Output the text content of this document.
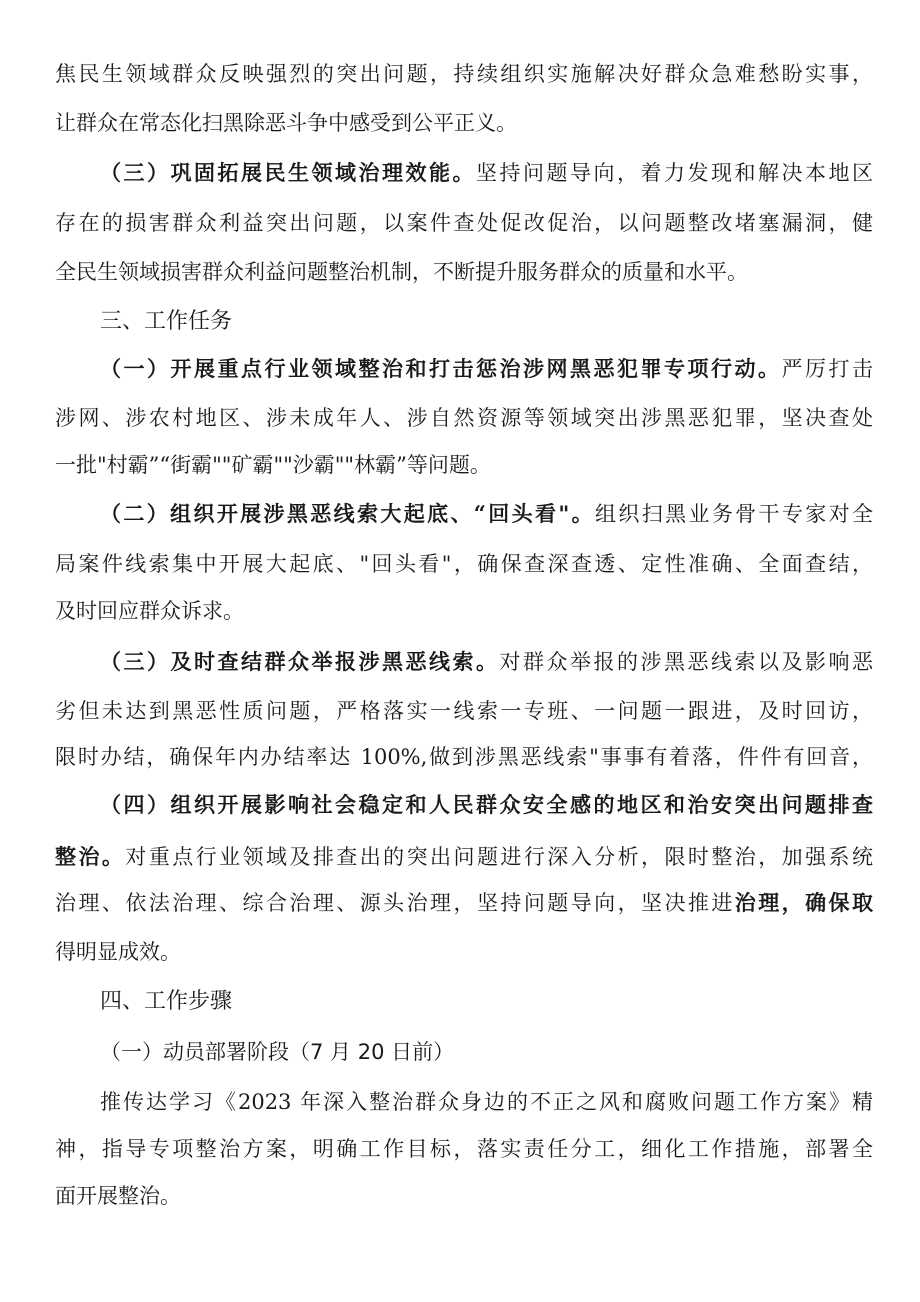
焦民生领域群众反映强烈的突出问题，持续组织实施解决好群众急难愁盼实事，
让群众在常态化扫黑除恶斗争中感受到公平正义。
（三）巩固拓展民生领域治理效能。坚持问题导向，着力发现和解决本地区
存在的损害群众利益突出问题，以案件查处促改促治，以问题整改堵塞漏洞，健
全民生领域损害群众利益问题整治机制，不断提升服务群众的质量和水平。
三、工作任务
（一）开展重点行业领域整治和打击惩治涉网黑恶犯罪专项行动。严厉打击
涉网、涉农村地区、涉未成年人、涉自然资源等领域突出涉黑恶犯罪，坚决查处
一批"村霸”“街霸""矿霸""沙霸""林霸”等问题。
（二）组织开展涉黑恶线索大起底、“回头看"。组织扫黑业务骨干专家对全
局案件线索集中开展大起底、"回头看"，确保查深查透、定性准确、全面查结，
及时回应群众诉求。
（三）及时查结群众举报涉黑恶线索。对群众举报的涉黑恶线索以及影响恶
劣但未达到黑恶性质问题，严格落实一线索一专班、一问题一跟进，及时回访，
限时办结，确保年内办结率达 100%,做到涉黑恶线索"事事有着落，件件有回音，
（四）组织开展影响社会稳定和人民群众安全感的地区和治安突出问题排查
整治。对重点行业领域及排查出的突出问题进行深入分析，限时整治，加强系统
治理、依法治理、综合治理、源头治理，坚持问题导向，坚决推进治理，确保取
得明显成效。
四、工作步骤
（一）动员部署阶段（7 月 20 日前）
推传达学习《2023 年深入整治群众身边的不正之风和腐败问题工作方案》精
神，指导专项整治方案，明确工作目标，落实责任分工，细化工作措施，部署全
面开展整治。
